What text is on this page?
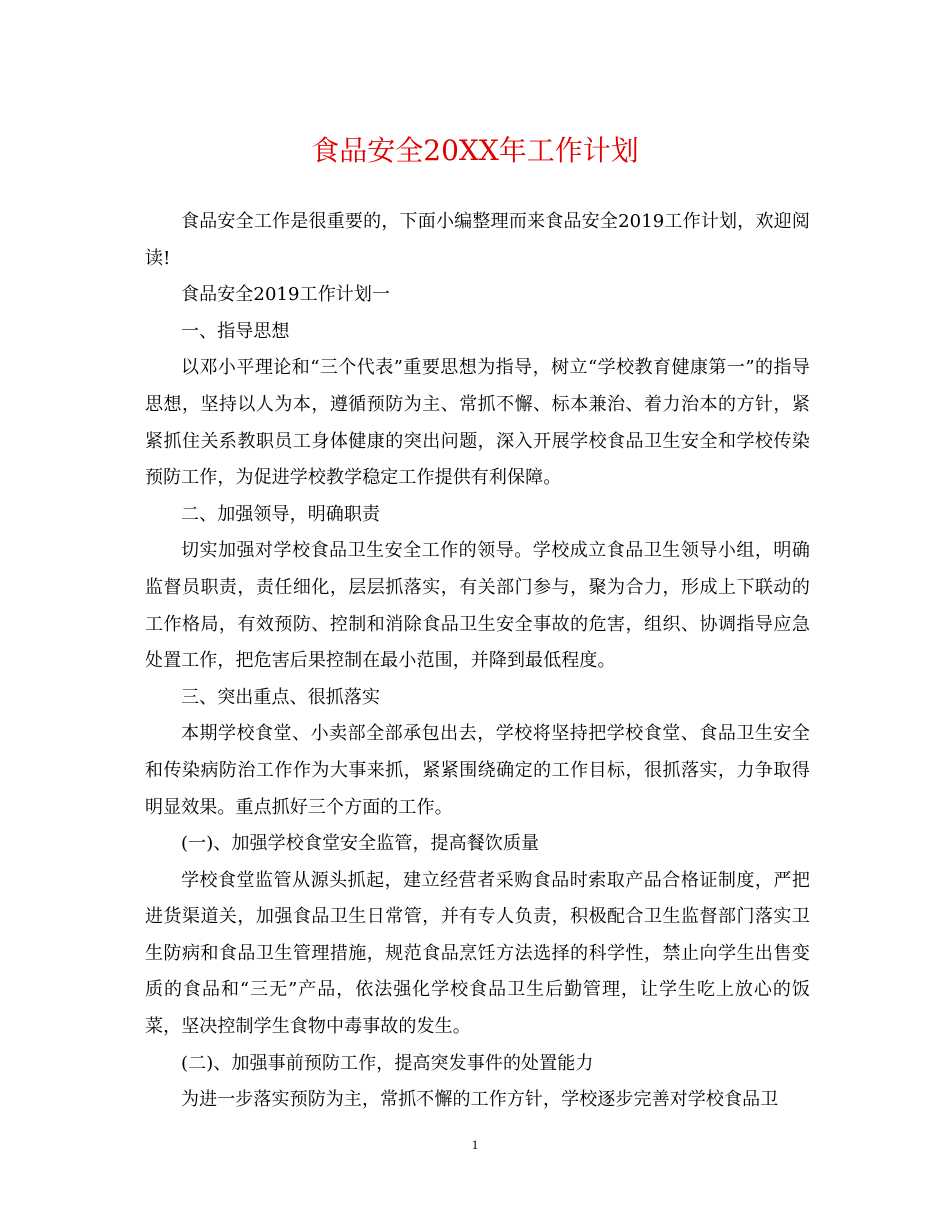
食品安全20XX年工作计划

食品安全工作是很重要的，下面小编整理而来食品安全2019工作计划，欢迎阅读!

食品安全2019工作计划一

一、指导思想

以邓小平理论和“三个代表”重要思想为指导，树立“学校教育健康第一”的指导思想，坚持以人为本，遵循预防为主、常抓不懈、标本兼治、着力治本的方针，紧紧抓住关系教职员工身体健康的突出问题，深入开展学校食品卫生安全和学校传染预防工作，为促进学校教学稳定工作提供有利保障。

二、加强领导，明确职责

切实加强对学校食品卫生安全工作的领导。学校成立食品卫生领导小组，明确监督员职责，责任细化，层层抓落实，有关部门参与，聚为合力，形成上下联动的工作格局，有效预防、控制和消除食品卫生安全事故的危害，组织、协调指导应急处置工作，把危害后果控制在最小范围，并降到最低程度。

三、突出重点、很抓落实

本期学校食堂、小卖部全部承包出去，学校将坚持把学校食堂、食品卫生安全和传染病防治工作作为大事来抓，紧紧围绕确定的工作目标，很抓落实，力争取得明显效果。重点抓好三个方面的工作。

(一)、加强学校食堂安全监管，提高餐饮质量

学校食堂监管从源头抓起，建立经营者采购食品时索取产品合格证制度，严把进货渠道关，加强食品卫生日常管，并有专人负责，积极配合卫生监督部门落实卫生防病和食品卫生管理措施，规范食品烹饪方法选择的科学性，禁止向学生出售变质的食品和“三无”产品，依法强化学校食品卫生后勤管理，让学生吃上放心的饭菜，坚决控制学生食物中毒事故的发生。

(二)、加强事前预防工作，提高突发事件的处置能力

为进一步落实预防为主，常抓不懈的工作方针，学校逐步完善对学校食品卫

1
